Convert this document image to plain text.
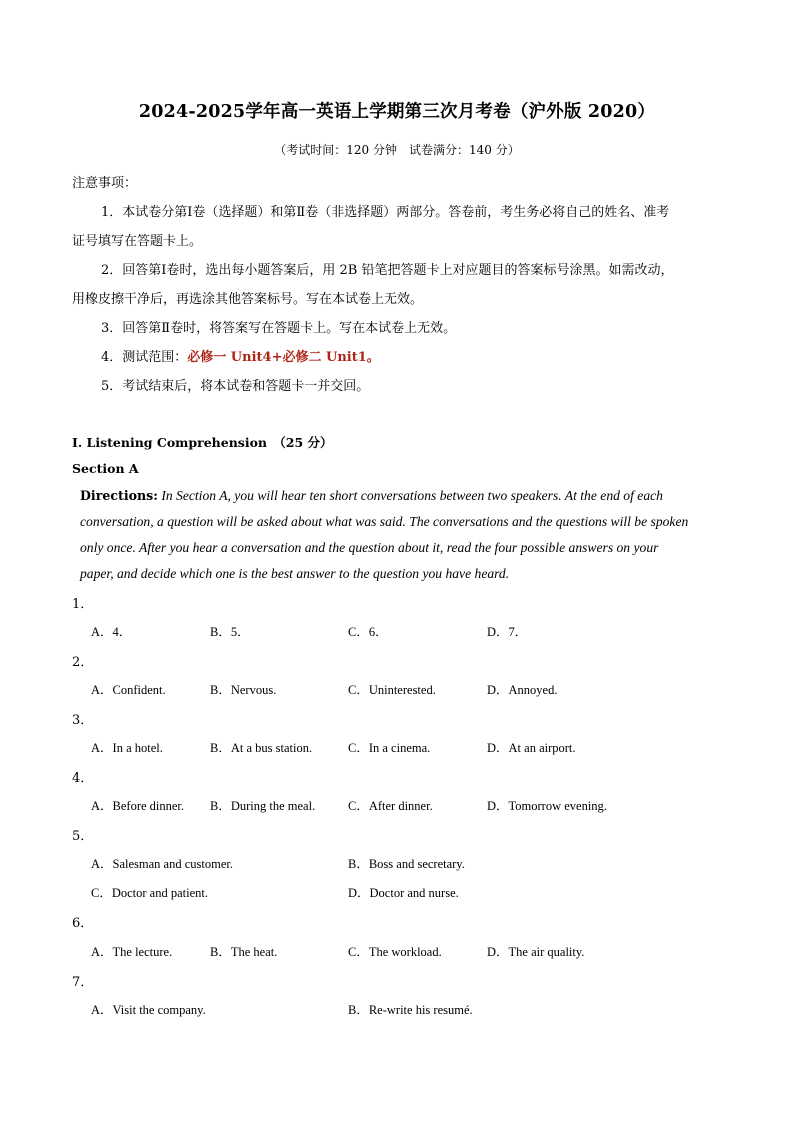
2024-2025学年高一英语上学期第三次月考卷（沪外版 2020）
（考试时间：120 分钟　试卷满分：140 分）
注意事项：
1．本试卷分第Ⅰ卷（选择题）和第Ⅱ卷（非选择题）两部分。答卷前，考生务必将自己的姓名、准考
证号填写在答题卡上。
2．回答第Ⅰ卷时，选出每小题答案后，用 2B 铅笔把答题卡上对应题目的答案标号涂黑。如需改动，
用橡皮擦干净后，再选涂其他答案标号。写在本试卷上无效。
3．回答第Ⅱ卷时，将答案写在答题卡上。写在本试卷上无效。
4．测试范围：必修一 Unit4+必修二 Unit1。
5．考试结束后，将本试卷和答题卡一并交回。
I. Listening Comprehension　（25 分）
Section A
Directions: In Section A, you will hear ten short conversations between two speakers. At the end of each
conversation, a question will be asked about what was said. The conversations and the questions will be spoken
only once. After you hear a conversation and the question about it, read the four possible answers on your
paper, and decide which one is the best answer to the question you have heard.
1．
A．4．	B．5．	C．6．	D．7．
2．
A．Confident.	B．Nervous.	C．Uninterested.	D．Annoyed.
3．
A．In a hotel.	B．At a bus station.	C．In a cinema.	D．At an airport.
4．
A．Before dinner. B．During the meal.	C．After dinner.	D．Tomorrow evening.
5．
A．Salesman and customer.	B．Boss and secretary.
C．Doctor and patient.	D．Doctor and nurse.
6．
A．The lecture.	B．The heat.	C．The workload.	D．The air quality.
7．
A．Visit the company.	B．Re-write his resumé.
